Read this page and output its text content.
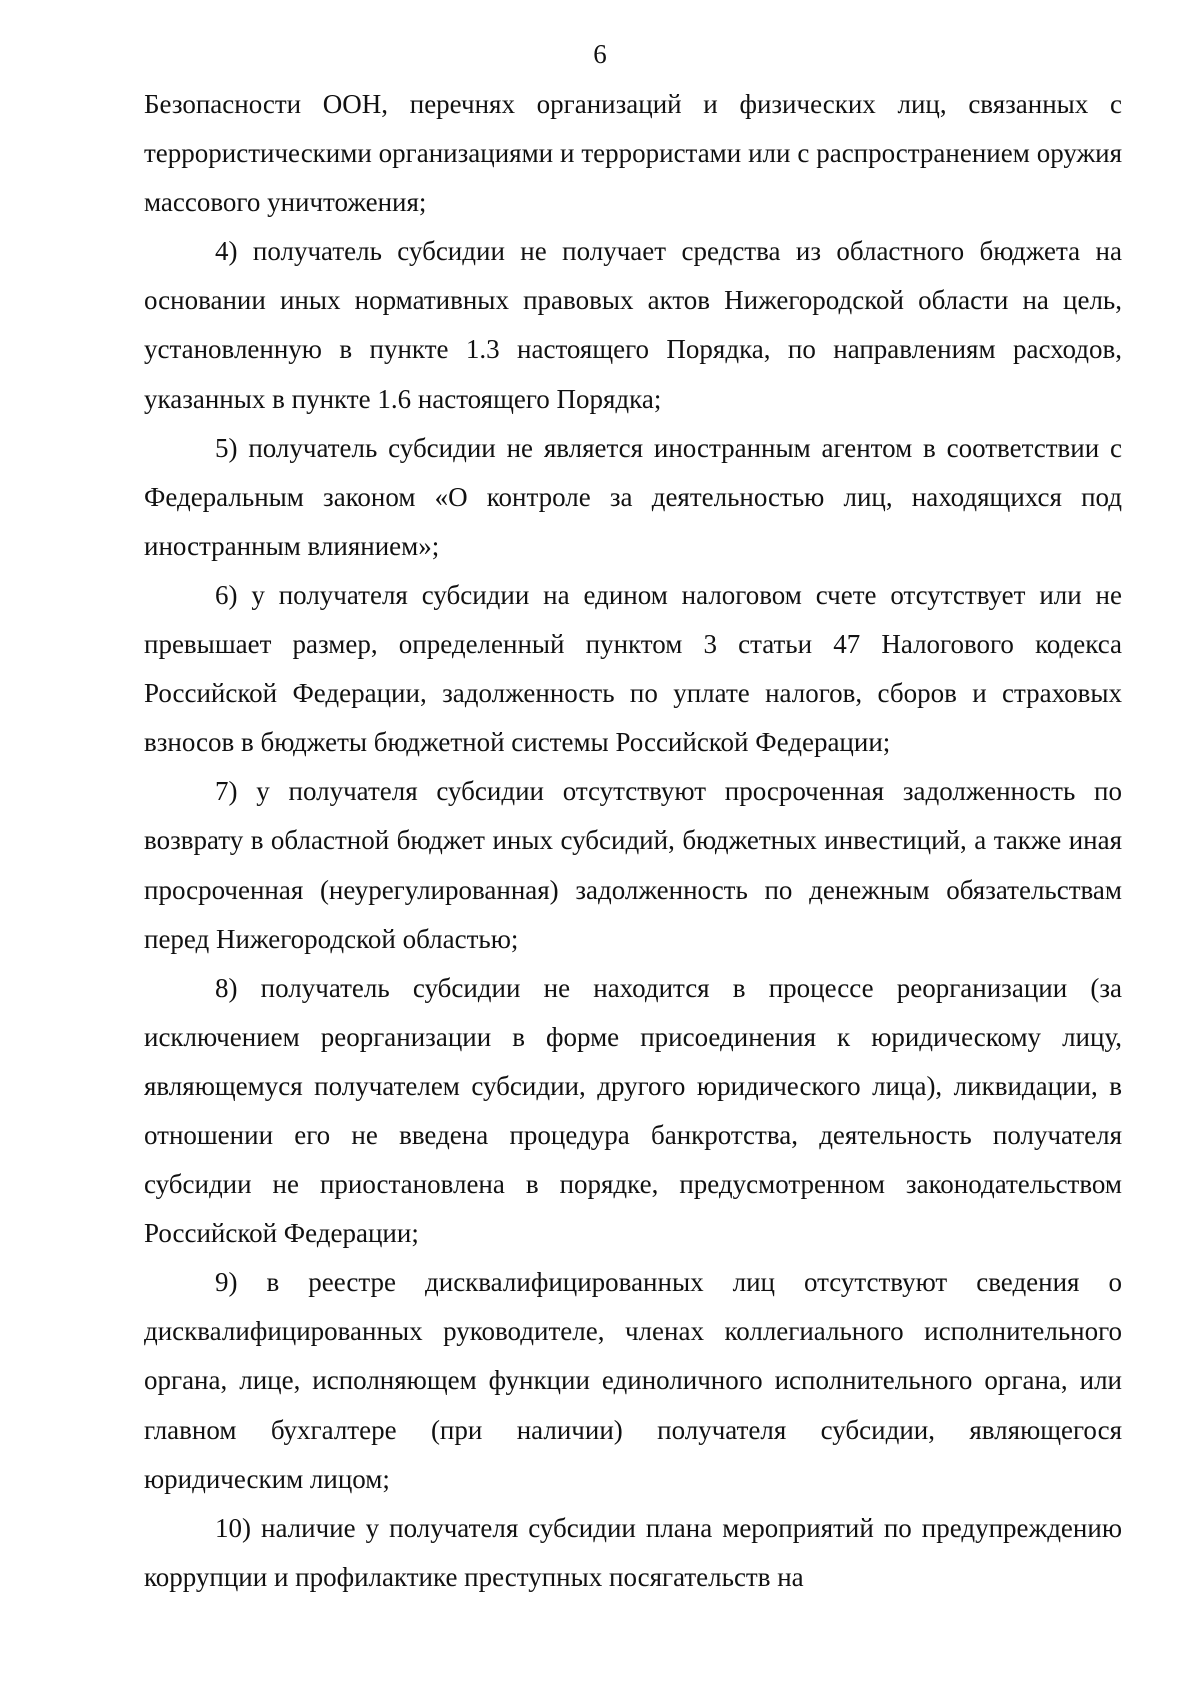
6

Безопасности ООН, перечнях организаций и физических лиц, связанных с террористическими организациями и террористами или с распространением оружия массового уничтожения;

4) получатель субсидии не получает средства из областного бюджета на основании иных нормативных правовых актов Нижегородской области на цель, установленную в пункте 1.3 настоящего Порядка, по направлениям расходов, указанных в пункте 1.6 настоящего Порядка;

5) получатель субсидии не является иностранным агентом в соответствии с Федеральным законом «О контроле за деятельностью лиц, находящихся под иностранным влиянием»;

6) у получателя субсидии на едином налоговом счете отсутствует или не превышает размер, определенный пунктом 3 статьи 47 Налогового кодекса Российской Федерации, задолженность по уплате налогов, сборов и страховых взносов в бюджеты бюджетной системы Российской Федерации;

7) у получателя субсидии отсутствуют просроченная задолженность по возврату в областной бюджет иных субсидий, бюджетных инвестиций, а также иная просроченная (неурегулированная) задолженность по денежным обязательствам перед Нижегородской областью;

8) получатель субсидии не находится в процессе реорганизации (за исключением реорганизации в форме присоединения к юридическому лицу, являющемуся получателем субсидии, другого юридического лица), ликвидации, в отношении его не введена процедура банкротства, деятельность получателя субсидии не приостановлена в порядке, предусмотренном законодательством Российской Федерации;

9) в реестре дисквалифицированных лиц отсутствуют сведения о дисквалифицированных руководителе, членах коллегиального исполнительного органа, лице, исполняющем функции единоличного исполнительного органа, или главном бухгалтере (при наличии) получателя субсидии, являющегося юридическим лицом;

10) наличие у получателя субсидии плана мероприятий по предупреждению коррупции и профилактике преступных посягательств на
